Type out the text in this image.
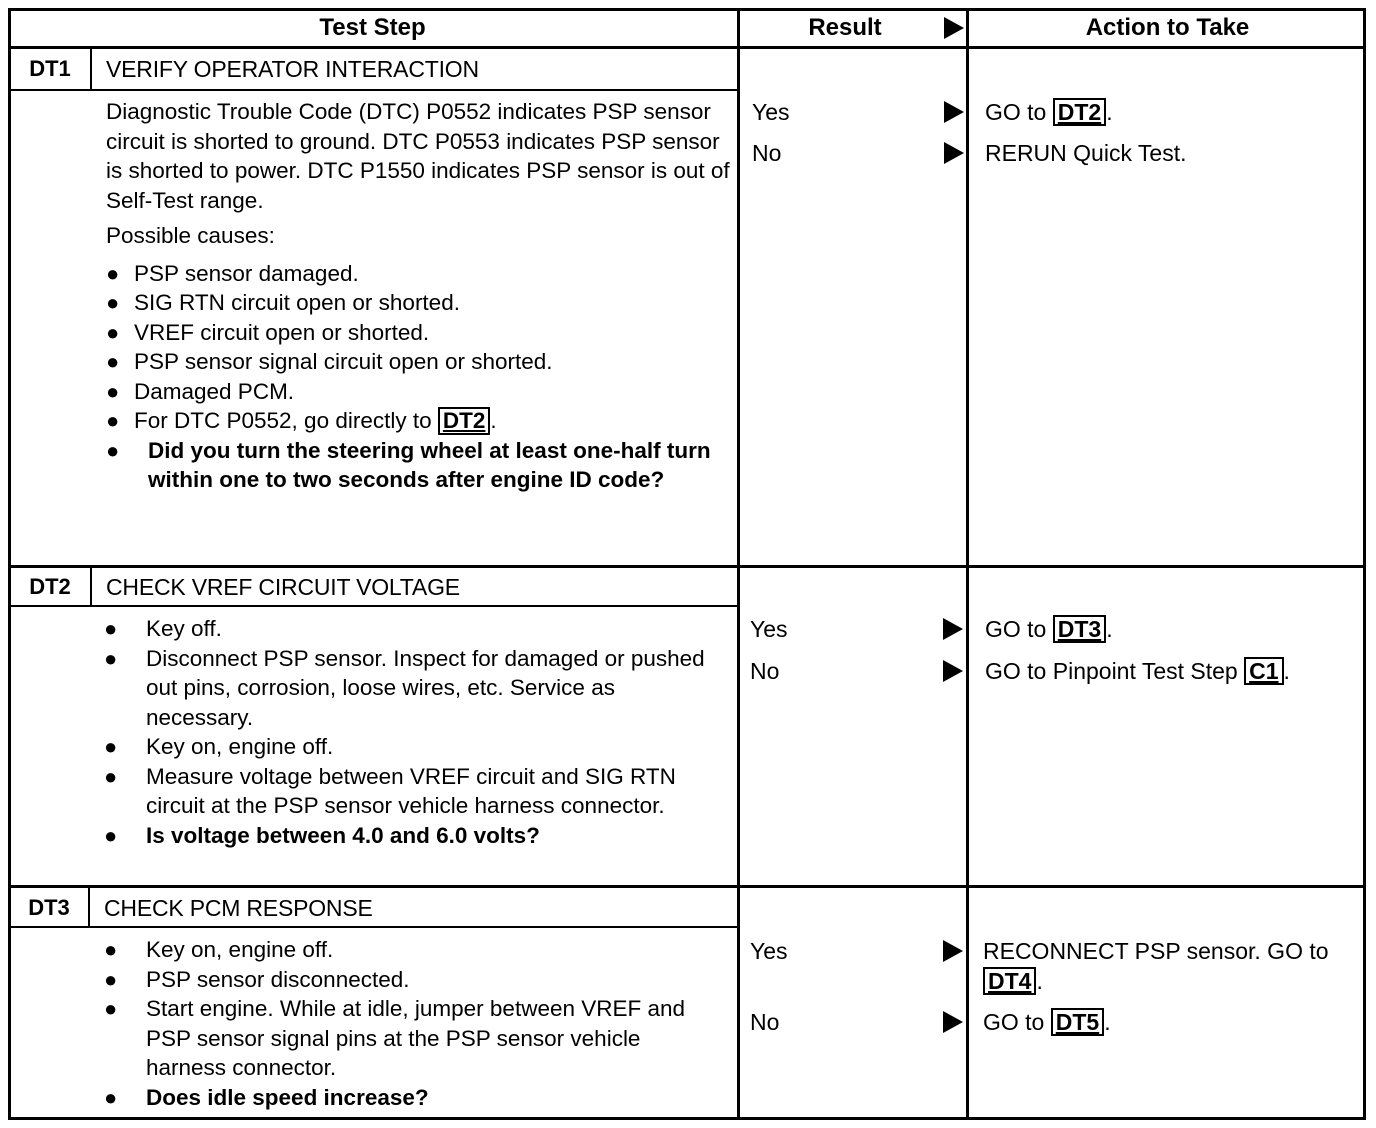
Test Step	Result	Action to Take
DT1	VERIFY OPERATOR INTERACTION

Diagnostic Trouble Code (DTC) P0552 indicates PSP sensor circuit is shorted to ground. DTC P0553 indicates PSP sensor is shorted to power. DTC P1550 indicates PSP sensor is out of Self-Test range.

Possible causes:

● PSP sensor damaged.
● SIG RTN circuit open or shorted.
● VREF circuit open or shorted.
● PSP sensor signal circuit open or shorted.
● Damaged PCM.
● For DTC P0552, go directly to DT2 .
● Did you turn the steering wheel at least one-half turn within one to two seconds after engine ID code?
Yes	GO to DT2 .
No	RERUN Quick Test.
DT2	CHECK VREF CIRCUIT VOLTAGE
● Key off.
● Disconnect PSP sensor. Inspect for damaged or pushed out pins, corrosion, loose wires, etc. Service as necessary.
● Key on, engine off.
● Measure voltage between VREF circuit and SIG RTN circuit at the PSP sensor vehicle harness connector.
● Is voltage between 4.0 and 6.0 volts?
Yes	GO to DT3 .
No	GO to Pinpoint Test Step C1 .
DT3	CHECK PCM RESPONSE
● Key on, engine off.
● PSP sensor disconnected.
● Start engine. While at idle, jumper between VREF and PSP sensor signal pins at the PSP sensor vehicle harness connector.
● Does idle speed increase?
Yes	RECONNECT PSP sensor. GO to DT4 .
No	GO to DT5 .
